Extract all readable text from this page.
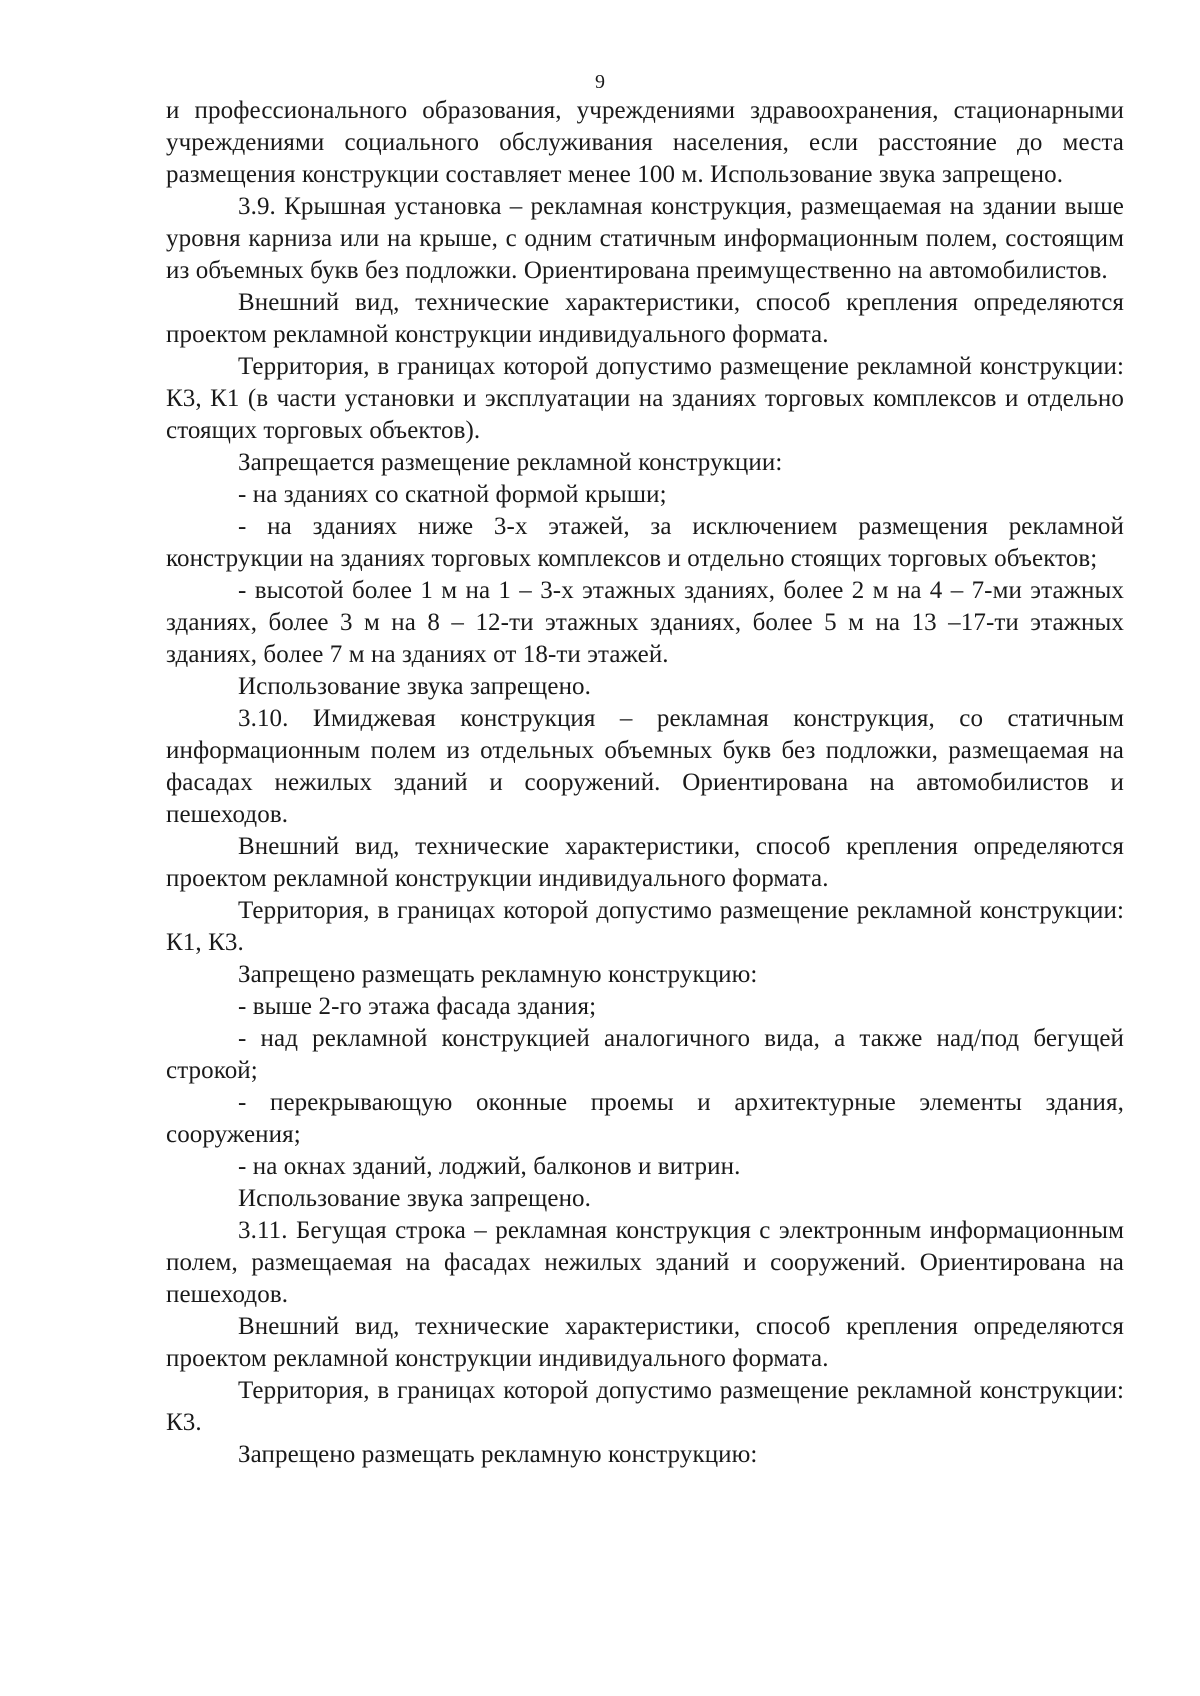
9

и профессионального образования, учреждениями здравоохранения, стационарными учреждениями социального обслуживания населения, если расстояние до места размещения конструкции составляет менее 100 м. Использование звука запрещено.

3.9. Крышная установка – рекламная конструкция, размещаемая на здании выше уровня карниза или на крыше, с одним статичным информационным полем, состоящим из объемных букв без подложки. Ориентирована преимущественно на автомобилистов.

Внешний вид, технические характеристики, способ крепления определяются проектом рекламной конструкции индивидуального формата.

Территория, в границах которой допустимо размещение рекламной конструкции: К3, К1 (в части установки и эксплуатации на зданиях торговых комплексов и отдельно стоящих торговых объектов).

Запрещается размещение рекламной конструкции:

- на зданиях со скатной формой крыши;

- на зданиях ниже 3-х этажей, за исключением размещения рекламной конструкции на зданиях торговых комплексов и отдельно стоящих торговых объектов;

- высотой более 1 м на 1 – 3-х этажных зданиях, более 2 м на 4 – 7-ми этажных зданиях, более 3 м на 8 – 12-ти этажных зданиях, более 5 м на 13 –17-ти этажных зданиях, более 7 м на зданиях от 18-ти этажей.

Использование звука запрещено.

3.10. Имиджевая конструкция – рекламная конструкция, со статичным информационным полем из отдельных объемных букв без подложки, размещаемая на фасадах нежилых зданий и сооружений. Ориентирована на автомобилистов и пешеходов.

Внешний вид, технические характеристики, способ крепления определяются проектом рекламной конструкции индивидуального формата.

Территория, в границах которой допустимо размещение рекламной конструкции: К1, К3.

Запрещено размещать рекламную конструкцию:

- выше 2-го этажа фасада здания;

- над рекламной конструкцией аналогичного вида, а также над/под бегущей строкой;

- перекрывающую оконные проемы и архитектурные элементы здания, сооружения;

- на окнах зданий, лоджий, балконов и витрин.

Использование звука запрещено.

3.11. Бегущая строка – рекламная конструкция с электронным информационным полем, размещаемая на фасадах нежилых зданий и сооружений. Ориентирована на пешеходов.

Внешний вид, технические характеристики, способ крепления определяются проектом рекламной конструкции индивидуального формата.

Территория, в границах которой допустимо размещение рекламной конструкции: К3.

Запрещено размещать рекламную конструкцию:
